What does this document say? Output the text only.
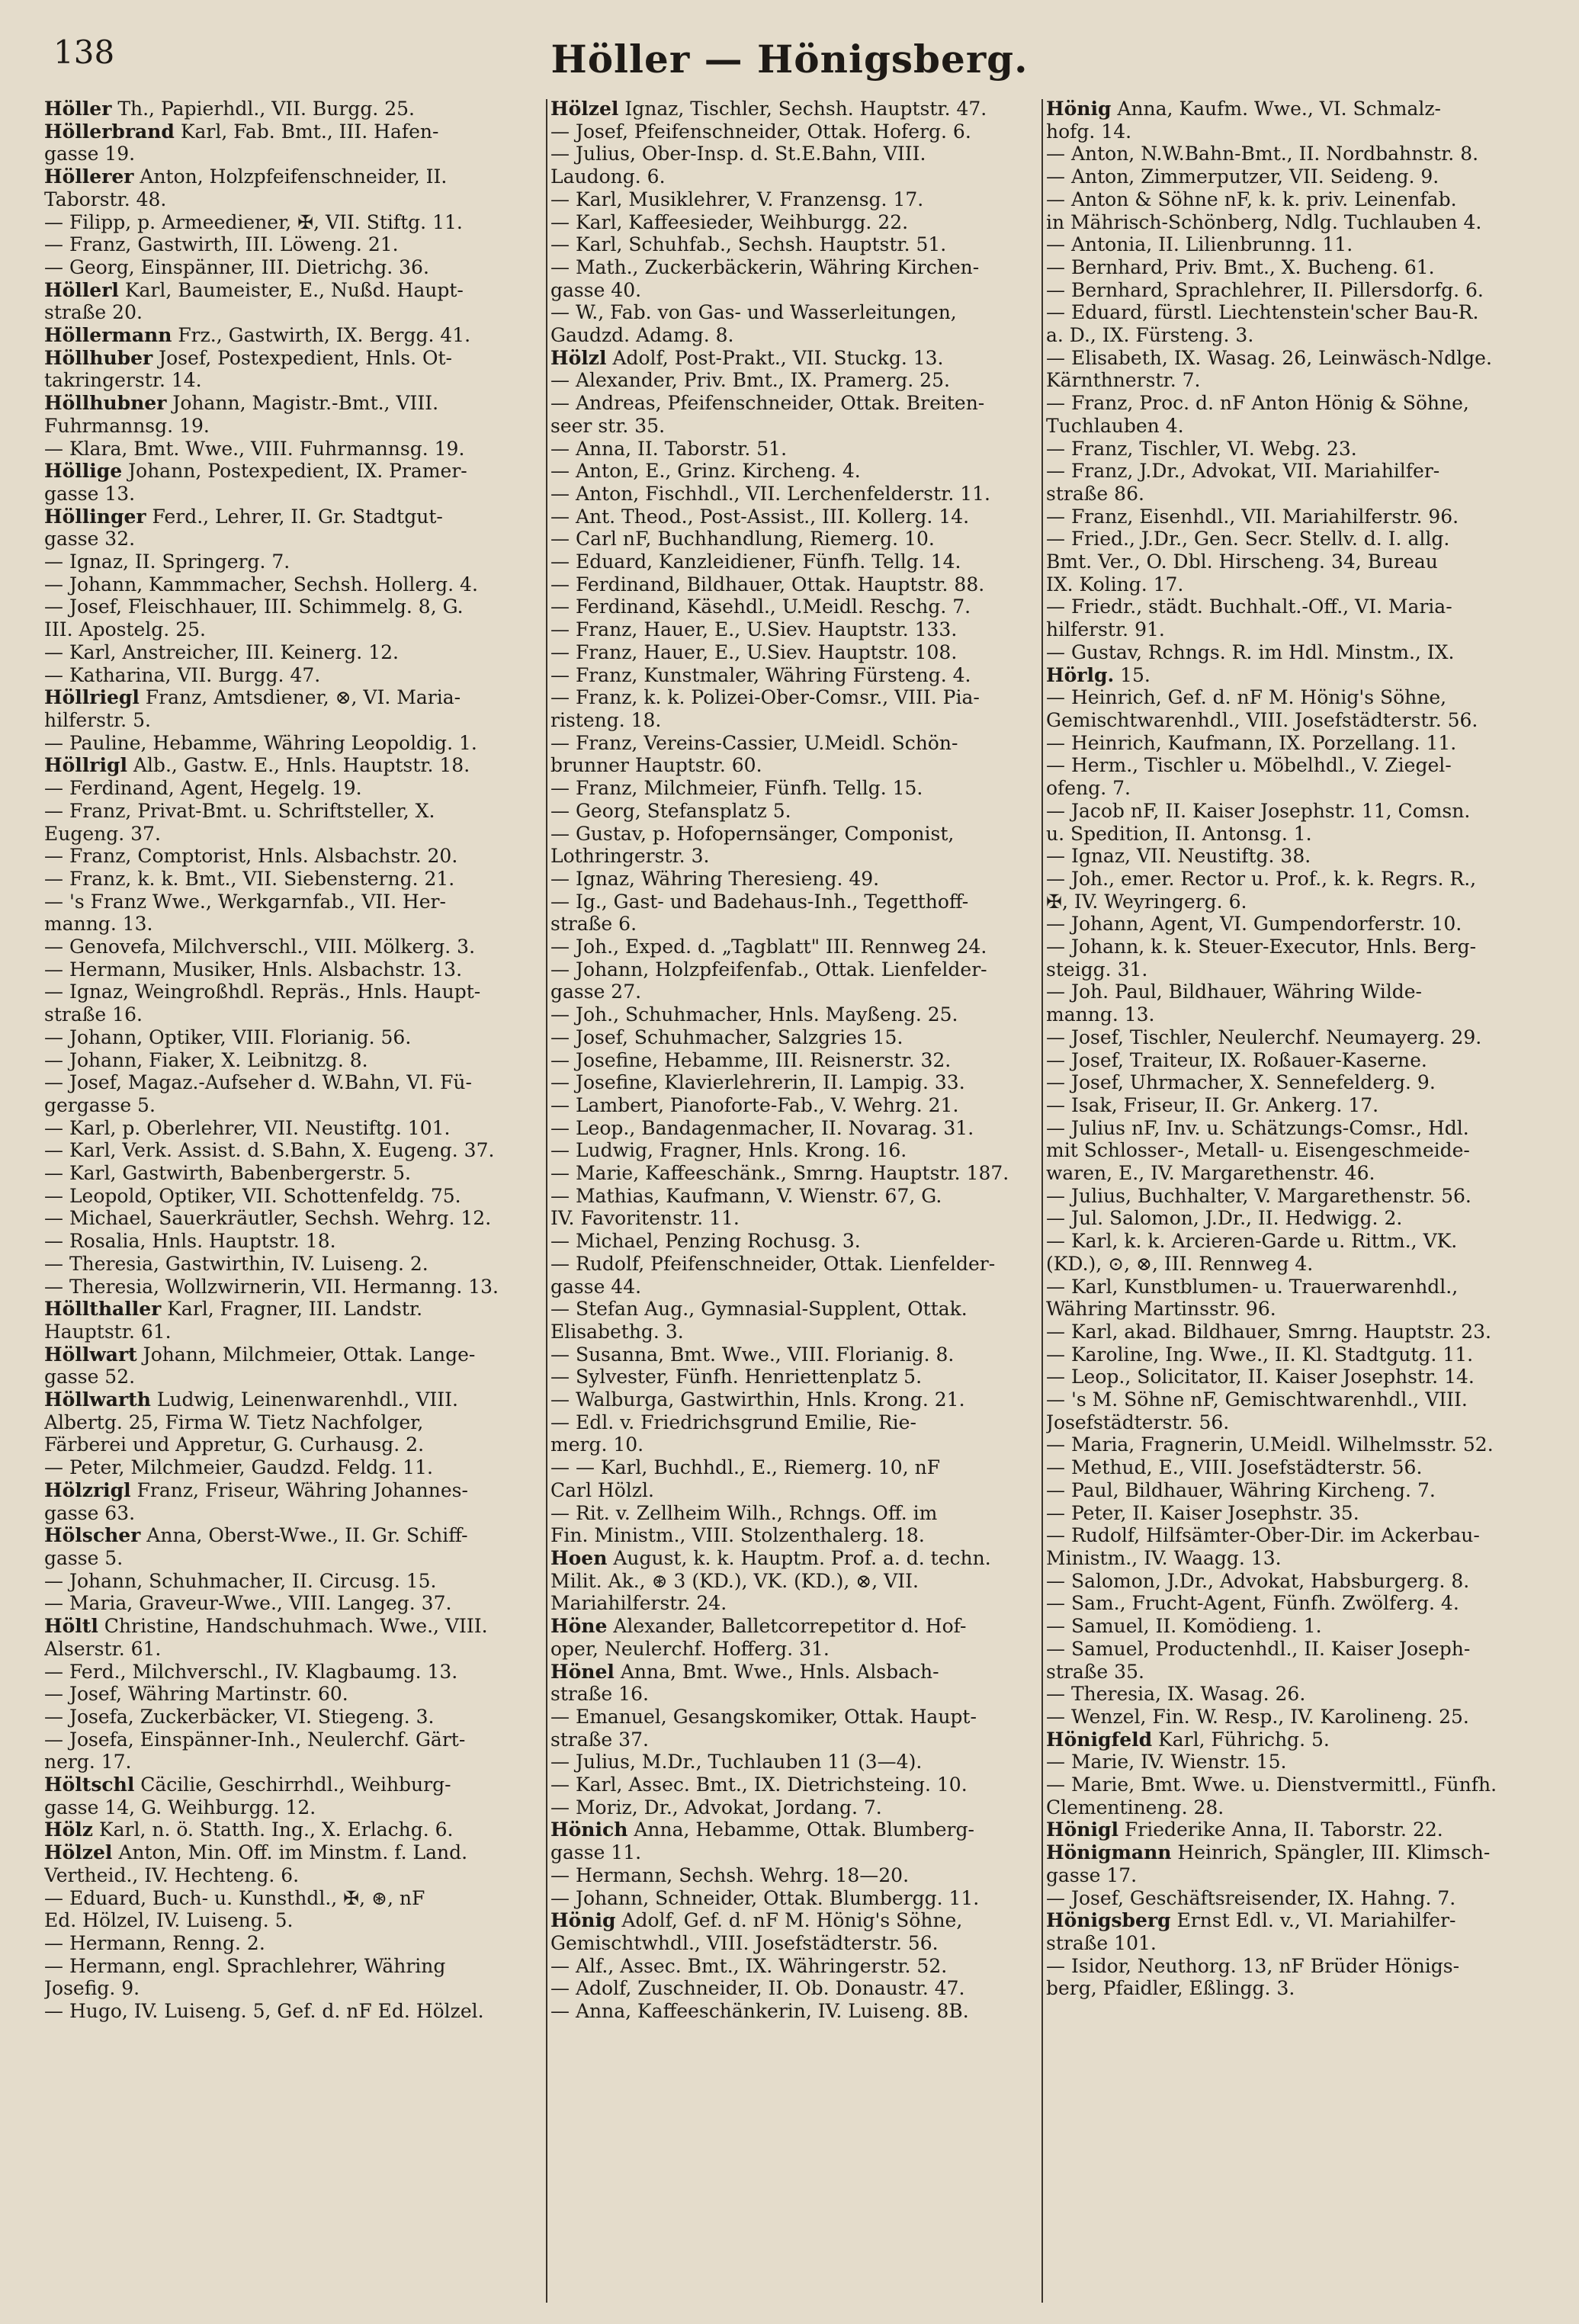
138	Höller — Hönigsberg.
Höller Th., Papierhdl., VII. Burgg. 25.
Höllerbrand Karl, Fab. Bmt., III. Hafen-
gasse 19.
Höllerer Anton, Holzpfeifenschneider, II.
Taborstr. 48.
— Filipp, p. Armeediener, ✠, VII. Stiftg. 11.
— Franz, Gastwirth, III. Löweng. 21.
— Georg, Einspänner, III. Dietrichg. 36.
Höllerl Karl, Baumeister, E., Nußd. Haupt-
straße 20.
Höllermann Frz., Gastwirth, IX. Bergg. 41.
Höllhuber Josef, Postexpedient, Hnls. Ot-
takringerstr. 14.
Höllhubner Johann, Magistr.-Bmt., VIII.
Fuhrmannsg. 19.
— Klara, Bmt. Wwe., VIII. Fuhrmannsg. 19.
Höllige Johann, Postexpedient, IX. Pramer-
gasse 13.
Höllinger Ferd., Lehrer, II. Gr. Stadtgut-
gasse 32.
— Ignaz, II. Springerg. 7.
— Johann, Kammmacher, Sechsh. Hollerg. 4.
— Josef, Fleischhauer, III. Schimmelg. 8, G.
III. Apostelg. 25.
— Karl, Anstreicher, III. Keinerg. 12.
— Katharina, VII. Burgg. 47.
Höllriegl Franz, Amtsdiener, ⊗, VI. Maria-
hilferstr. 5.
— Pauline, Hebamme, Währing Leopoldig. 1.
Höllrigl Alb., Gastw. E., Hnls. Hauptstr. 18.
— Ferdinand, Agent, Hegelg. 19.
— Franz, Privat-Bmt. u. Schriftsteller, X.
Eugeng. 37.
— Franz, Comptorist, Hnls. Alsbachstr. 20.
— Franz, k. k. Bmt., VII. Siebensterng. 21.
— 's Franz Wwe., Werkgarnfab., VII. Her-
manng. 13.
— Genovefa, Milchverschl., VIII. Mölkerg. 3.
— Hermann, Musiker, Hnls. Alsbachstr. 13.
— Ignaz, Weingroßhdl. Repräs., Hnls. Haupt-
straße 16.
— Johann, Optiker, VIII. Florianig. 56.
— Johann, Fiaker, X. Leibnitzg. 8.
— Josef, Magaz.-Aufseher d. W.Bahn, VI. Fü-
gergasse 5.
— Karl, p. Oberlehrer, VII. Neustiftg. 101.
— Karl, Verk. Assist. d. S.Bahn, X. Eugeng. 37.
— Karl, Gastwirth, Babenbergerstr. 5.
— Leopold, Optiker, VII. Schottenfeldg. 75.
— Michael, Sauerkräutler, Sechsh. Wehrg. 12.
— Rosalia, Hnls. Hauptstr. 18.
— Theresia, Gastwirthin, IV. Luiseng. 2.
— Theresia, Wollzwirnerin, VII. Hermanng. 13.
Höllthaller Karl, Fragner, III. Landstr.
Hauptstr. 61.
Höllwart Johann, Milchmeier, Ottak. Lange-
gasse 52.
Höllwarth Ludwig, Leinenwarenhdl., VIII.
Albertg. 25, Firma W. Tietz Nachfolger,
Färberei und Appretur, G. Curhausg. 2.
— Peter, Milchmeier, Gaudzd. Feldg. 11.
Hölzrigl Franz, Friseur, Währing Johannes-
gasse 63.
Hölscher Anna, Oberst-Wwe., II. Gr. Schiff-
gasse 5.
— Johann, Schuhmacher, II. Circusg. 15.
— Maria, Graveur-Wwe., VIII. Langeg. 37.
Höltl Christine, Handschuhmach. Wwe., VIII.
Alserstr. 61.
— Ferd., Milchverschl., IV. Klagbaumg. 13.
— Josef, Währing Martinstr. 60.
— Josefa, Zuckerbäcker, VI. Stiegeng. 3.
— Josefa, Einspänner-Inh., Neulerchf. Gärt-
nerg. 17.
Höltschl Cäcilie, Geschirrhdl., Weihburg-
gasse 14, G. Weihburgg. 12.
Hölz Karl, n. ö. Statth. Ing., X. Erlachg. 6.
Hölzel Anton, Min. Off. im Minstm. f. Land.
Vertheid., IV. Hechteng. 6.
— Eduard, Buch- u. Kunsthdl., ✠, ⊛, nF
Ed. Hölzel, IV. Luiseng. 5.
— Hermann, Renng. 2.
— Hermann, engl. Sprachlehrer, Währing
Josefig. 9.
— Hugo, IV. Luiseng. 5, Gef. d. nF Ed. Hölzel.
Hölzel Ignaz, Tischler, Sechsh. Hauptstr. 47.
— Josef, Pfeifenschneider, Ottak. Hoferg. 6.
— Julius, Ober-Insp. d. St.E.Bahn, VIII.
Laudong. 6.
— Karl, Musiklehrer, V. Franzensg. 17.
— Karl, Kaffeesieder, Weihburgg. 22.
— Karl, Schuhfab., Sechsh. Hauptstr. 51.
— Math., Zuckerbäckerin, Währing Kirchen-
gasse 40.
— W., Fab. von Gas- und Wasserleitungen,
Gaudzd. Adamg. 8.
Hölzl Adolf, Post-Prakt., VII. Stuckg. 13.
— Alexander, Priv. Bmt., IX. Pramerg. 25.
— Andreas, Pfeifenschneider, Ottak. Breiten-
seer str. 35.
— Anna, II. Taborstr. 51.
— Anton, E., Grinz. Kircheng. 4.
— Anton, Fischhdl., VII. Lerchenfelderstr. 11.
— Ant. Theod., Post-Assist., III. Kollerg. 14.
— Carl nF, Buchhandlung, Riemerg. 10.
— Eduard, Kanzleidiener, Fünfh. Tellg. 14.
— Ferdinand, Bildhauer, Ottak. Hauptstr. 88.
— Ferdinand, Käsehdl., U.Meidl. Reschg. 7.
— Franz, Hauer, E., U.Siev. Hauptstr. 133.
— Franz, Hauer, E., U.Siev. Hauptstr. 108.
— Franz, Kunstmaler, Währing Fürsteng. 4.
— Franz, k. k. Polizei-Ober-Comsr., VIII. Pia-
risteng. 18.
— Franz, Vereins-Cassier, U.Meidl. Schön-
brunner Hauptstr. 60.
— Franz, Milchmeier, Fünfh. Tellg. 15.
— Georg, Stefansplatz 5.
— Gustav, p. Hofopernsänger, Componist,
Lothringerstr. 3.
— Ignaz, Währing Theresieng. 49.
— Ig., Gast- und Badehaus-Inh., Tegetthoff-
straße 6.
— Joh., Exped. d. „Tagblatt" III. Rennweg 24.
— Johann, Holzpfeifenfab., Ottak. Lienfelder-
gasse 27.
— Joh., Schuhmacher, Hnls. Mayßeng. 25.
— Josef, Schuhmacher, Salzgries 15.
— Josefine, Hebamme, III. Reisnerstr. 32.
— Josefine, Klavierlehrerin, II. Lampig. 33.
— Lambert, Pianoforte-Fab., V. Wehrg. 21.
— Leop., Bandagenmacher, II. Novarag. 31.
— Ludwig, Fragner, Hnls. Krong. 16.
— Marie, Kaffeeschänk., Smrng. Hauptstr. 187.
— Mathias, Kaufmann, V. Wienstr. 67, G.
IV. Favoritenstr. 11.
— Michael, Penzing Rochusg. 3.
— Rudolf, Pfeifenschneider, Ottak. Lienfelder-
gasse 44.
— Stefan Aug., Gymnasial-Supplent, Ottak.
Elisabethg. 3.
— Susanna, Bmt. Wwe., VIII. Florianig. 8.
— Sylvester, Fünfh. Henriettenplatz 5.
— Walburga, Gastwirthin, Hnls. Krong. 21.
— Edl. v. Friedrichsgrund Emilie, Rie-
merg. 10.
— — Karl, Buchhdl., E., Riemerg. 10, nF
Carl Hölzl.
— Rit. v. Zellheim Wilh., Rchngs. Off. im
Fin. Ministm., VIII. Stolzenthalerg. 18.
Hoen August, k. k. Hauptm. Prof. a. d. techn.
Milit. Ak., ⊛ 3 (KD.), VK. (KD.), ⊗, VII.
Mariahilferstr. 24.
Höne Alexander, Balletcorrepetitor d. Hof-
oper, Neulerchf. Hofferg. 31.
Hönel Anna, Bmt. Wwe., Hnls. Alsbach-
straße 16.
— Emanuel, Gesangskomiker, Ottak. Haupt-
straße 37.
— Julius, M.Dr., Tuchlauben 11 (3—4).
— Karl, Assec. Bmt., IX. Dietrichsteing. 10.
— Moriz, Dr., Advokat, Jordang. 7.
Hönich Anna, Hebamme, Ottak. Blumberg-
gasse 11.
— Hermann, Sechsh. Wehrg. 18—20.
— Johann, Schneider, Ottak. Blumbergg. 11.
Hönig Adolf, Gef. d. nF M. Hönig's Söhne,
Gemischtwhdl., VIII. Josefstädterstr. 56.
— Alf., Assec. Bmt., IX. Währingerstr. 52.
— Adolf, Zuschneider, II. Ob. Donaustr. 47.
— Anna, Kaffeeschänkerin, IV. Luiseng. 8B.
Hönig Anna, Kaufm. Wwe., VI. Schmalz-
hofg. 14.
— Anton, N.W.Bahn-Bmt., II. Nordbahnstr. 8.
— Anton, Zimmerputzer, VII. Seideng. 9.
— Anton & Söhne nF, k. k. priv. Leinenfab.
in Mährisch-Schönberg, Ndlg. Tuchlauben 4.
— Antonia, II. Lilienbrunng. 11.
— Bernhard, Priv. Bmt., X. Bucheng. 61.
— Bernhard, Sprachlehrer, II. Pillersdorfg. 6.
— Eduard, fürstl. Liechtenstein'scher Bau-R.
a. D., IX. Fürsteng. 3.
— Elisabeth, IX. Wasag. 26, Leinwäsch-Ndlge.
Kärnthnerstr. 7.
— Franz, Proc. d. nF Anton Hönig & Söhne,
Tuchlauben 4.
— Franz, Tischler, VI. Webg. 23.
— Franz, J.Dr., Advokat, VII. Mariahilfer-
straße 86.
— Franz, Eisenhdl., VII. Mariahilferstr. 96.
— Fried., J.Dr., Gen. Secr. Stellv. d. I. allg.
Bmt. Ver., O. Dbl. Hirscheng. 34, Bureau
IX. Koling. 17.
— Friedr., städt. Buchhalt.-Off., VI. Maria-
hilferstr. 91.
— Gustav, Rchngs. R. im Hdl. Minstm., IX.
Hörlg. 15.
— Heinrich, Gef. d. nF M. Hönig's Söhne,
Gemischtwarenhdl., VIII. Josefstädterstr. 56.
— Heinrich, Kaufmann, IX. Porzellang. 11.
— Herm., Tischler u. Möbelhdl., V. Ziegel-
ofeng. 7.
— Jacob nF, II. Kaiser Josephstr. 11, Comsn.
u. Spedition, II. Antonsg. 1.
— Ignaz, VII. Neustiftg. 38.
— Joh., emer. Rector u. Prof., k. k. Regrs. R.,
✠, IV. Weyringerg. 6.
— Johann, Agent, VI. Gumpendorferstr. 10.
— Johann, k. k. Steuer-Executor, Hnls. Berg-
steigg. 31.
— Joh. Paul, Bildhauer, Währing Wilde-
manng. 13.
— Josef, Tischler, Neulerchf. Neumayerg. 29.
— Josef, Traiteur, IX. Roßauer-Kaserne.
— Josef, Uhrmacher, X. Sennefelderg. 9.
— Isak, Friseur, II. Gr. Ankerg. 17.
— Julius nF, Inv. u. Schätzungs-Comsr., Hdl.
mit Schlosser-, Metall- u. Eisengeschmeide-
waren, E., IV. Margarethenstr. 46.
— Julius, Buchhalter, V. Margarethenstr. 56.
— Jul. Salomon, J.Dr., II. Hedwigg. 2.
— Karl, k. k. Arcieren-Garde u. Rittm., VK.
(KD.), ⊙, ⊗, III. Rennweg 4.
— Karl, Kunstblumen- u. Trauerwarenhdl.,
Währing Martinsstr. 96.
— Karl, akad. Bildhauer, Smrng. Hauptstr. 23.
— Karoline, Ing. Wwe., II. Kl. Stadtgutg. 11.
— Leop., Solicitator, II. Kaiser Josephstr. 14.
— 's M. Söhne nF, Gemischtwarenhdl., VIII.
Josefstädterstr. 56.
— Maria, Fragnerin, U.Meidl. Wilhelmsstr. 52.
— Methud, E., VIII. Josefstädterstr. 56.
— Paul, Bildhauer, Währing Kircheng. 7.
— Peter, II. Kaiser Josephstr. 35.
— Rudolf, Hilfsämter-Ober-Dir. im Ackerbau-
Ministm., IV. Waagg. 13.
— Salomon, J.Dr., Advokat, Habsburgerg. 8.
— Sam., Frucht-Agent, Fünfh. Zwölferg. 4.
— Samuel, II. Komödieng. 1.
— Samuel, Productenhdl., II. Kaiser Joseph-
straße 35.
— Theresia, IX. Wasag. 26.
— Wenzel, Fin. W. Resp., IV. Karolineng. 25.
Hönigfeld Karl, Führichg. 5.
— Marie, IV. Wienstr. 15.
— Marie, Bmt. Wwe. u. Dienstvermittl., Fünfh.
Clementineng. 28.
Hönigl Friederike Anna, II. Taborstr. 22.
Hönigmann Heinrich, Spängler, III. Klimsch-
gasse 17.
— Josef, Geschäftsreisender, IX. Hahng. 7.
Hönigsberg Ernst Edl. v., VI. Mariahilfer-
straße 101.
— Isidor, Neuthorg. 13, nF Brüder Hönigs-
berg, Pfaidler, Eßlingg. 3.
